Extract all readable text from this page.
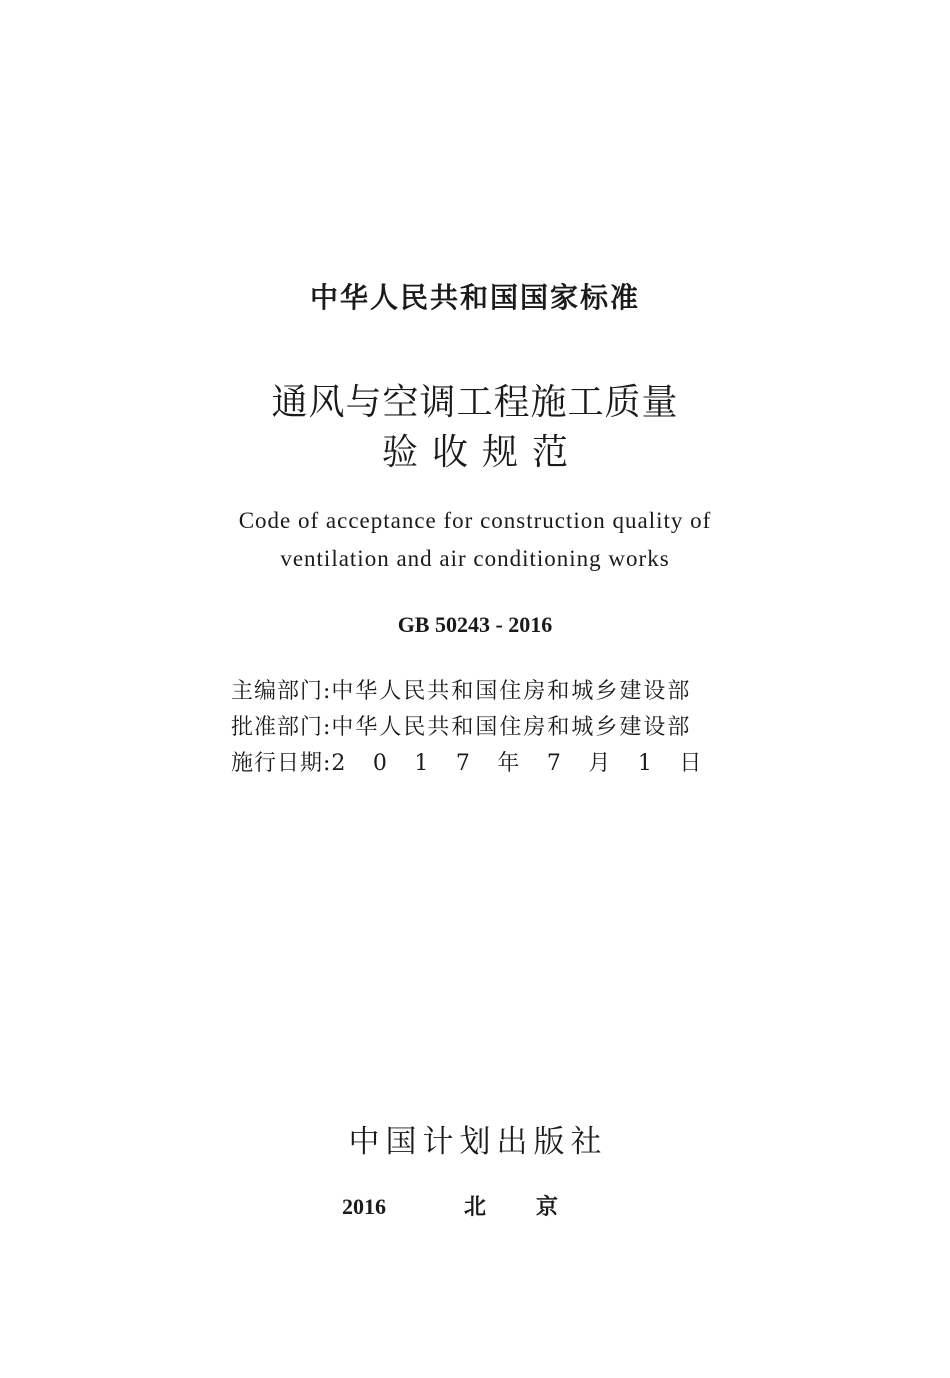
中华人民共和国国家标准
通风与空调工程施工质量
验收规范
Code of acceptance for construction quality of
ventilation and air conditioning works
GB 50243 - 2016
主编部门: 中华人民共和国住房和城乡建设部
批准部门: 中华人民共和国住房和城乡建设部
施行日期: 2 0 1 7 年 7 月 1 日
中国计划出版社
2016	北京
